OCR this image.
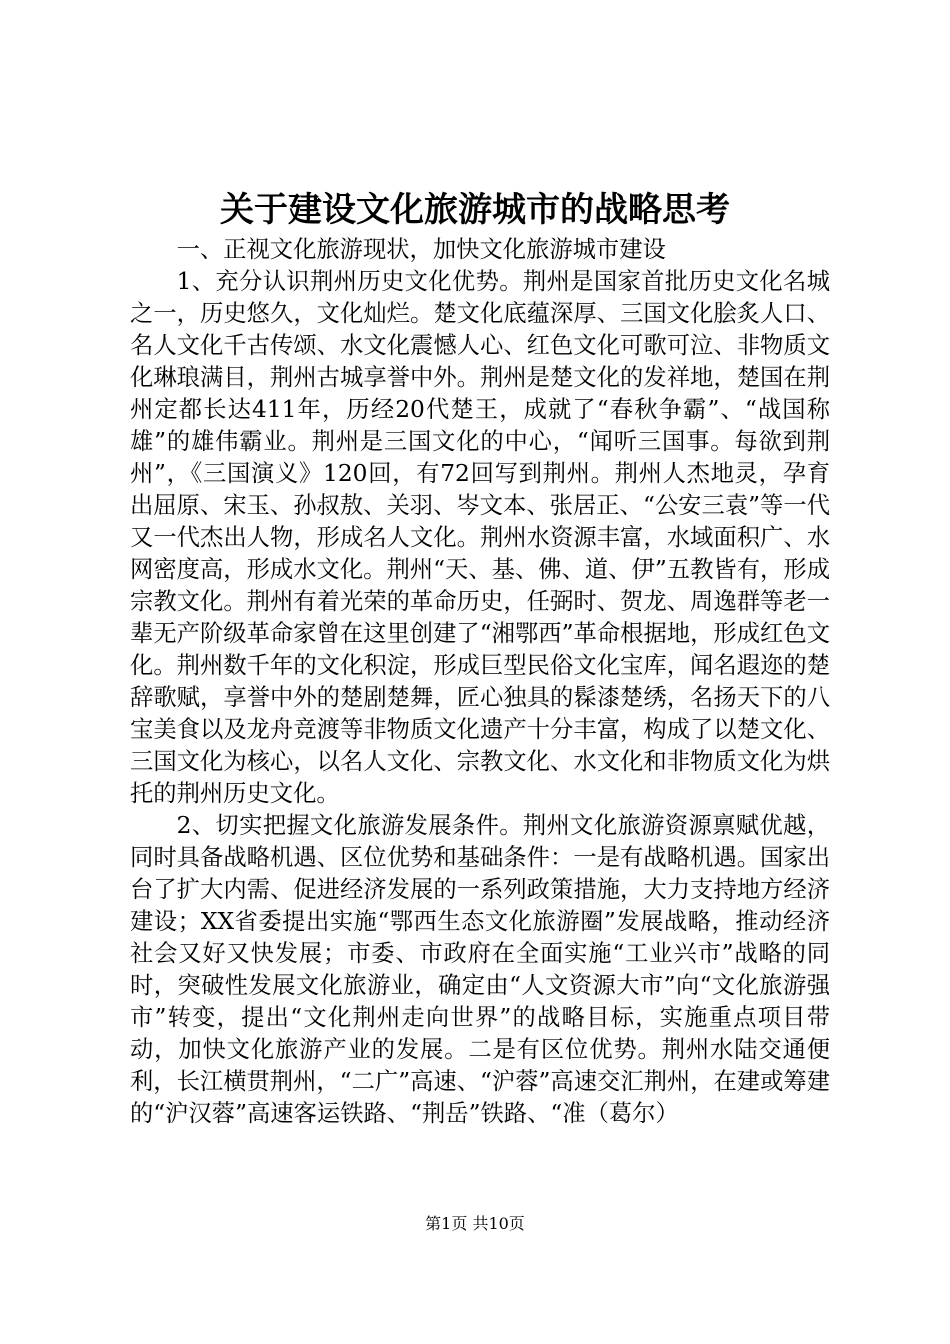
关于建设文化旅游城市的战略思考

一、正视文化旅游现状，加快文化旅游城市建设

1、充分认识荆州历史文化优势。荆州是国家首批历史文化名城之一，历史悠久，文化灿烂。楚文化底蕴深厚、三国文化脍炙人口、名人文化千古传颂、水文化震憾人心、红色文化可歌可泣、非物质文化琳琅满目，荆州古城享誉中外。荆州是楚文化的发祥地，楚国在荆州定都长达411年，历经20代楚王，成就了“春秋争霸”、“战国称雄”的雄伟霸业。荆州是三国文化的中心，“闻听三国事。每欲到荆州”，《三国演义》120回，有72回写到荆州。荆州人杰地灵，孕育出屈原、宋玉、孙叔敖、关羽、岑文本、张居正、“公安三袁”等一代又一代杰出人物，形成名人文化。荆州水资源丰富，水域面积广、水网密度高，形成水文化。荆州“天、基、佛、道、伊”五教皆有，形成宗教文化。荆州有着光荣的革命历史，任弼时、贺龙、周逸群等老一辈无产阶级革命家曾在这里创建了“湘鄂西”革命根据地，形成红色文化。荆州数千年的文化积淀，形成巨型民俗文化宝库，闻名遐迩的楚辞歌赋，享誉中外的楚剧楚舞，匠心独具的髹漆楚绣，名扬天下的八宝美食以及龙舟竞渡等非物质文化遗产十分丰富，构成了以楚文化、三国文化为核心，以名人文化、宗教文化、水文化和非物质文化为烘托的荆州历史文化。

2、切实把握文化旅游发展条件。荆州文化旅游资源禀赋优越，同时具备战略机遇、区位优势和基础条件：一是有战略机遇。国家出台了扩大内需、促进经济发展的一系列政策措施，大力支持地方经济建设；XX省委提出实施“鄂西生态文化旅游圈”发展战略，推动经济社会又好又快发展；市委、市政府在全面实施“工业兴市”战略的同时，突破性发展文化旅游业，确定由“人文资源大市”向“文化旅游强市”转变，提出“文化荆州走向世界”的战略目标，实施重点项目带动，加快文化旅游产业的发展。二是有区位优势。荆州水陆交通便利，长江横贯荆州，“二广”高速、“沪蓉”高速交汇荆州，在建或筹建的“沪汉蓉”高速客运铁路、“荆岳”铁路、“准（葛尔）

第1页 共10页
